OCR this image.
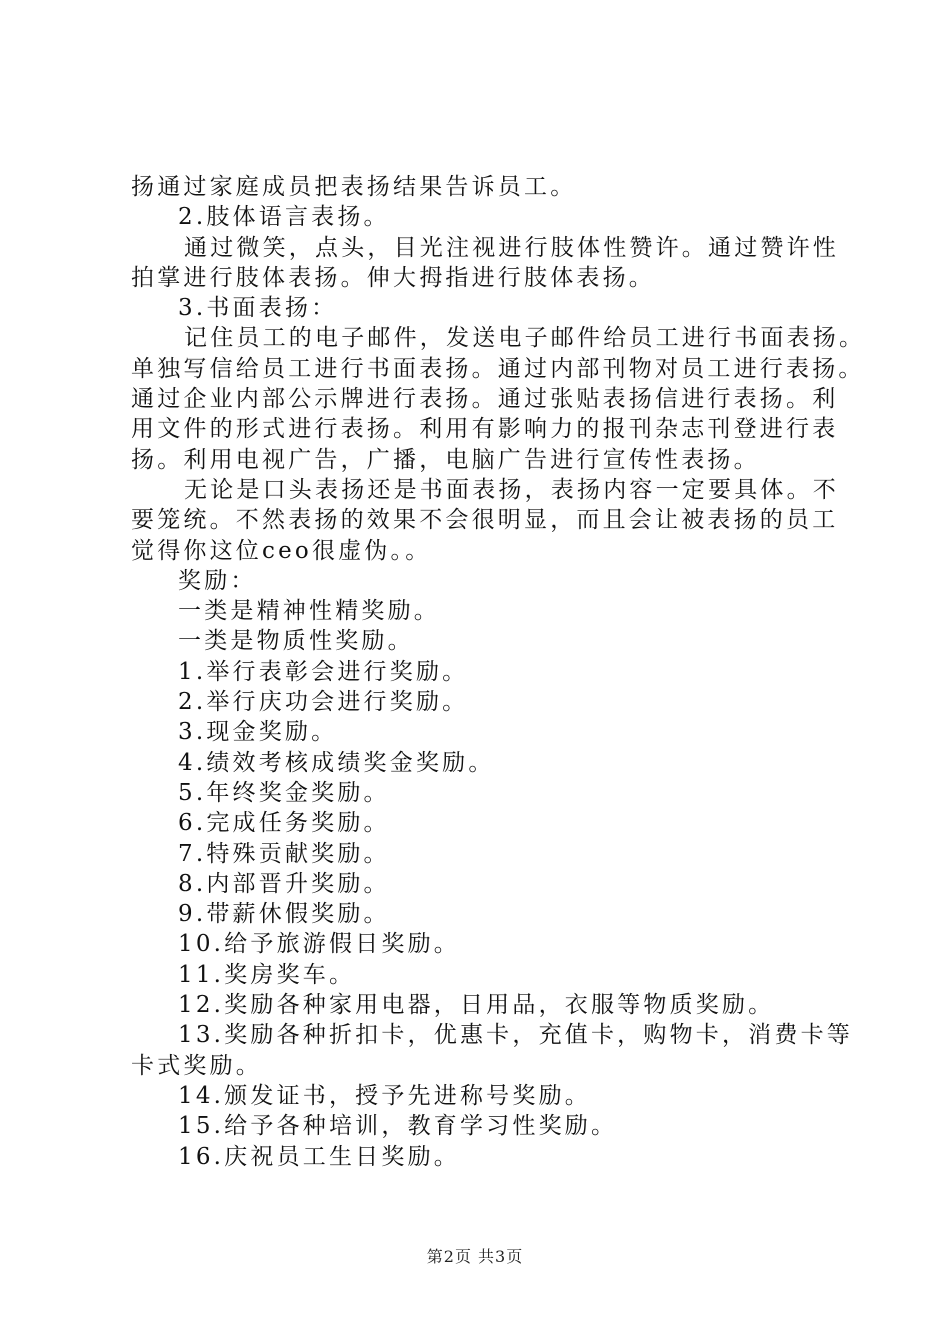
扬通过家庭成员把表扬结果告诉员工。
2.肢体语言表扬。
通过微笑，点头，目光注视进行肢体性赞许。通过赞许性
拍掌进行肢体表扬。伸大拇指进行肢体表扬。
3.书面表扬：
记住员工的电子邮件，发送电子邮件给员工进行书面表扬。
单独写信给员工进行书面表扬。通过内部刊物对员工进行表扬。
通过企业内部公示牌进行表扬。通过张贴表扬信进行表扬。利
用文件的形式进行表扬。利用有影响力的报刊杂志刊登进行表
扬。利用电视广告，广播，电脑广告进行宣传性表扬。
无论是口头表扬还是书面表扬，表扬内容一定要具体。不
要笼统。不然表扬的效果不会很明显，而且会让被表扬的员工
觉得你这位ceo很虚伪。。
奖励：
一类是精神性精奖励。
一类是物质性奖励。
1.举行表彰会进行奖励。
2.举行庆功会进行奖励。
3.现金奖励。
4.绩效考核成绩奖金奖励。
5.年终奖金奖励。
6.完成任务奖励。
7.特殊贡献奖励。
8.内部晋升奖励。
9.带薪休假奖励。
10.给予旅游假日奖励。
11.奖房奖车。
12.奖励各种家用电器，日用品，衣服等物质奖励。
13.奖励各种折扣卡，优惠卡，充值卡，购物卡，消费卡等
卡式奖励。
14.颁发证书，授予先进称号奖励。
15.给予各种培训，教育学习性奖励。
16.庆祝员工生日奖励。
第2页 共3页
